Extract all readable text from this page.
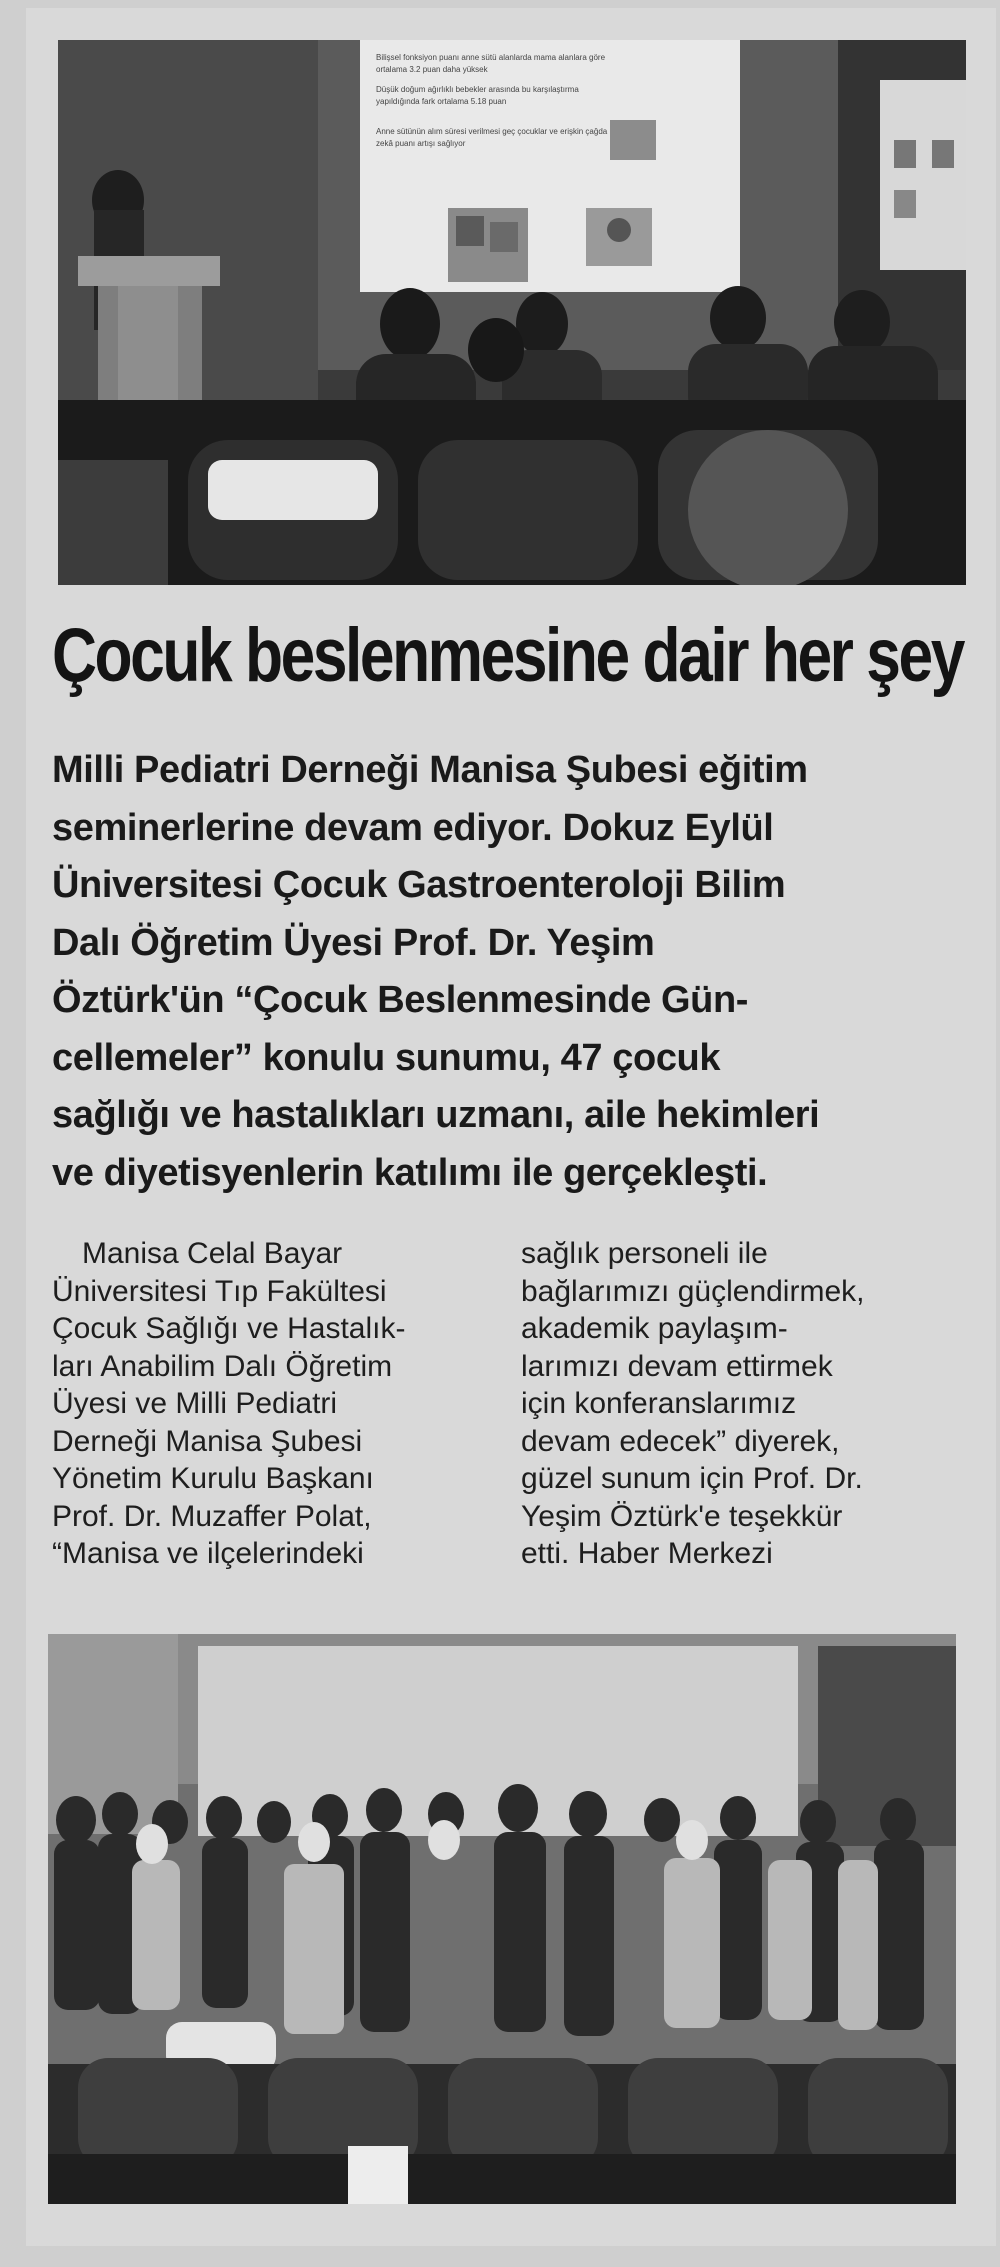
Bilişsel fonksiyon puanı anne sütü alanlarda mama alanlara göre
ortalama 3.2 puan daha yüksek
Düşük doğum ağırlıklı bebekler arasında bu karşılaştırma
yapıldığında fark ortalama 5.18 puan
Anne sütünün alım süresi verilmesi geç çocuklar ve erişkin çağda
zekâ puanı artışı sağlıyor
Çocuk beslenmesine dair her şey
Milli Pediatri Derneği Manisa Şubesi eğitim
seminerlerine devam ediyor. Dokuz Eylül
Üniversitesi Çocuk Gastroenteroloji Bilim
Dalı Öğretim Üyesi Prof. Dr. Yeşim
Öztürk'ün “Çocuk Beslenmesinde Gün-
cellemeler” konulu sunumu, 47 çocuk
sağlığı ve hastalıkları uzmanı, aile hekimleri
ve diyetisyenlerin katılımı ile gerçekleşti.
Manisa Celal Bayar
Üniversitesi Tıp Fakültesi
Çocuk Sağlığı ve Hastalık-
ları Anabilim Dalı Öğretim
Üyesi ve Milli Pediatri
Derneği Manisa Şubesi
Yönetim Kurulu Başkanı
Prof. Dr. Muzaffer Polat,
“Manisa ve ilçelerindeki
sağlık personeli ile
bağlarımızı güçlendirmek,
akademik paylaşım-
larımızı devam ettirmek
için konferanslarımız
devam edecek” diyerek,
güzel sunum için Prof. Dr.
Yeşim Öztürk'e teşekkür
etti. Haber Merkezi
